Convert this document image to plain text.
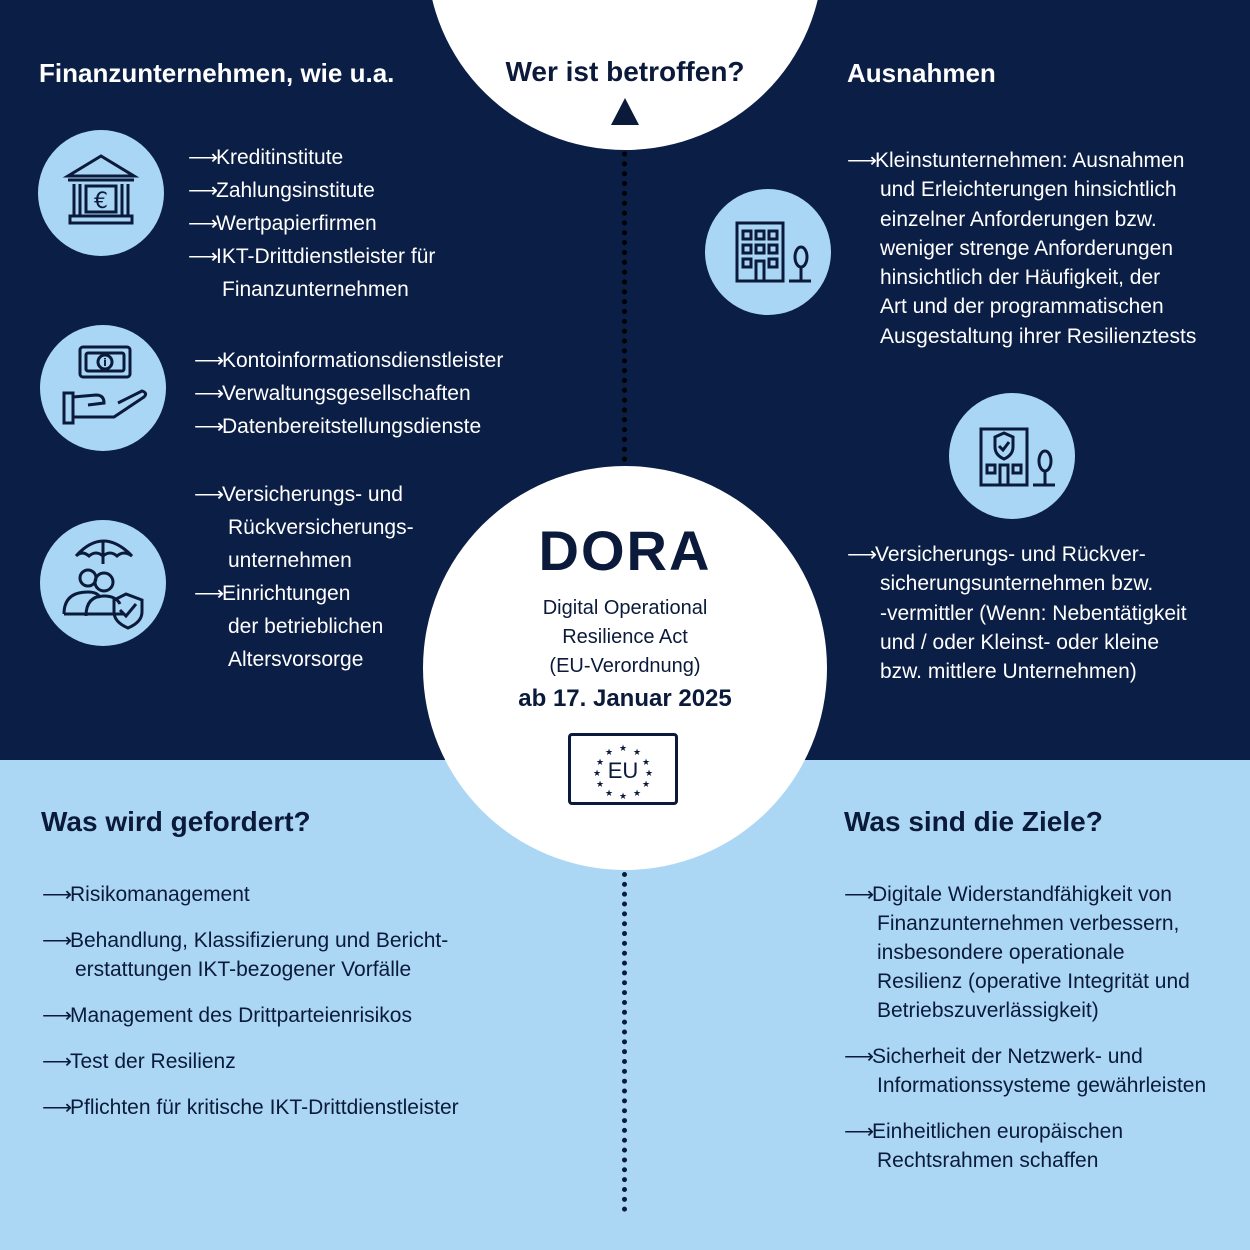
Wer ist betroffen?
Finanzunternehmen, wie u.a.
€
⟶Kreditinstitute
⟶Zahlungsinstitute
⟶Wertpapierfirmen
⟶IKT-Drittdienstleister für
Finanzunternehmen
i	⟶Kontoinformationsdienstleister
⟶Verwaltungsgesellschaften
⟶Datenbereitstellungsdienste
⟶Versicherungs- und
Rückversicherungs-
unternehmen
⟶Einrichtungen
der betrieblichen
Altersvorsorge
Ausnahmen
⟶Kleinstunternehmen: Ausnahmen
und Erleichterungen hinsichtlich
einzelner Anforderungen bzw.
weniger strenge Anforderungen
hinsichtlich der Häufigkeit, der
Art und der programmatischen
Ausgestaltung ihrer Resilienztests
⟶Versicherungs- und Rückver-
sicherungsunternehmen bzw.
-vermittler (Wenn: Nebentätigkeit
und / oder Kleinst- oder kleine
bzw. mittlere Unternehmen)
DORA
Digital Operational
Resilience Act
(EU-Verordnung)
ab 17. Januar 2025
★ ★
★
★
★
★
★
★
★
★
★
★
EU
Was wird gefordert?
⟶Risikomanagement
⟶Behandlung, Klassifizierung und Bericht-
erstattungen IKT-bezogener Vorfälle
⟶Management des Drittparteienrisikos
⟶Test der Resilienz
⟶Pflichten für kritische IKT-Drittdienstleister
Was sind die Ziele?
⟶Digitale Widerstandfähigkeit von
Finanzunternehmen verbessern,
insbesondere operationale
Resilienz (operative Integrität und
Betriebszuverlässigkeit)
⟶Sicherheit der Netzwerk- und
Informationssysteme gewährleisten
⟶Einheitlichen europäischen
Rechtsrahmen schaffen
